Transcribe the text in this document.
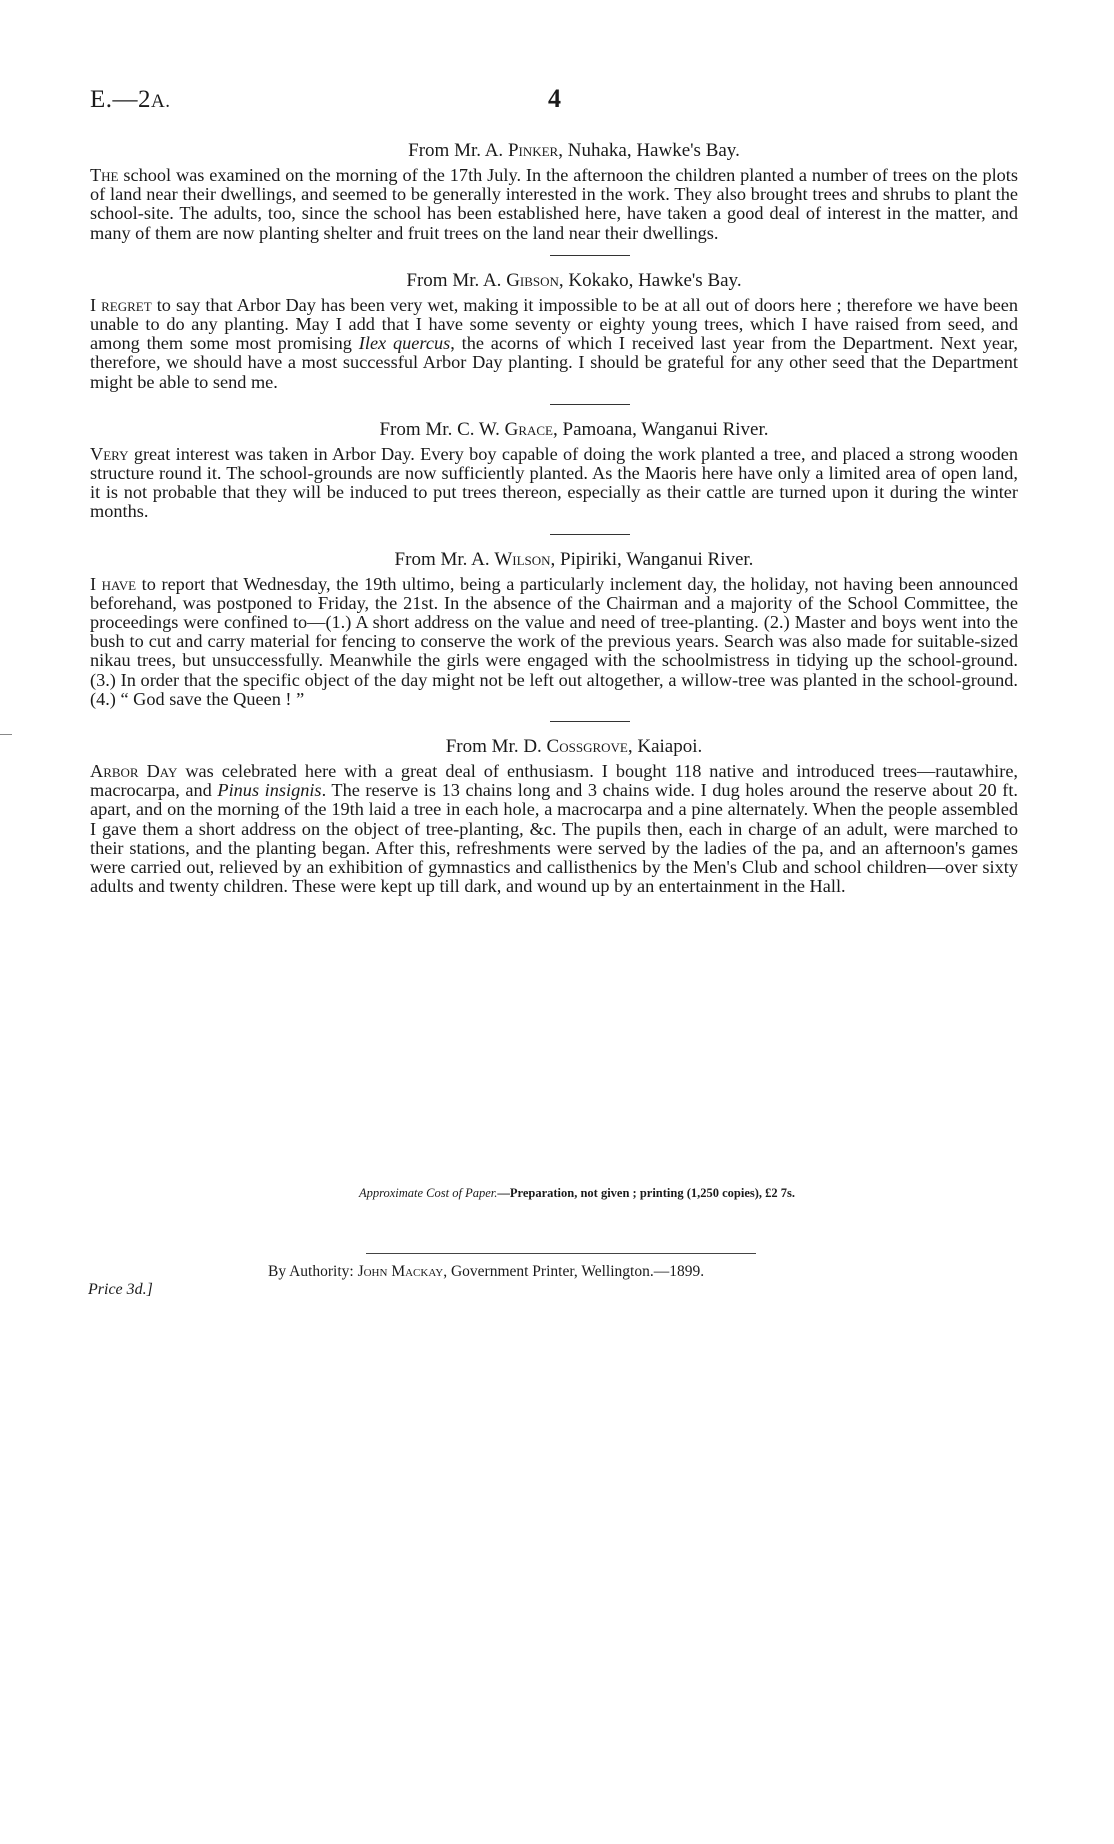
E.—2A.	4
From Mr. A. Pinker, Nuhaka, Hawke's Bay.

The school was examined on the morning of the 17th July. In the afternoon the children planted a number of trees on the plots of land near their dwellings, and seemed to be generally interested in the work. They also brought trees and shrubs to plant the school-site. The adults, too, since the school has been established here, have taken a good deal of interest in the matter, and many of them are now planting shelter and fruit trees on the land near their dwellings.

From Mr. A. Gibson, Kokako, Hawke's Bay.

I regret to say that Arbor Day has been very wet, making it impossible to be at all out of doors here ; therefore we have been unable to do any planting. May I add that I have some seventy or eighty young trees, which I have raised from seed, and among them some most promising Ilex quercus, the acorns of which I received last year from the Department. Next year, therefore, we should have a most successful Arbor Day planting. I should be grateful for any other seed that the Department might be able to send me.

From Mr. C. W. Grace, Pamoana, Wanganui River.

Very great interest was taken in Arbor Day. Every boy capable of doing the work planted a tree, and placed a strong wooden structure round it. The school-grounds are now sufficiently planted. As the Maoris here have only a limited area of open land, it is not probable that they will be induced to put trees thereon, especially as their cattle are turned upon it during the winter months.

From Mr. A. Wilson, Pipiriki, Wanganui River.

I have to report that Wednesday, the 19th ultimo, being a particularly inclement day, the holiday, not having been announced beforehand, was postponed to Friday, the 21st. In the absence of the Chairman and a majority of the School Committee, the proceedings were confined to—(1.) A short address on the value and need of tree-planting. (2.) Master and boys went into the bush to cut and carry material for fencing to conserve the work of the previous years. Search was also made for suitable-sized nikau trees, but unsuccessfully. Meanwhile the girls were engaged with the schoolmistress in tidying up the school-ground. (3.) In order that the specific object of the day might not be left out altogether, a willow-tree was planted in the school-ground. (4.) “ God save the Queen ! ”

From Mr. D. Cossgrove, Kaiapoi.

Arbor Day was celebrated here with a great deal of enthusiasm. I bought 118 native and introduced trees—rautawhire, macrocarpa, and Pinus insignis. The reserve is 13 chains long and 3 chains wide. I dug holes around the reserve about 20 ft. apart, and on the morning of the 19th laid a tree in each hole, a macrocarpa and a pine alternately. When the people assembled I gave them a short address on the object of tree-planting, &c. The pupils then, each in charge of an adult, were marched to their stations, and the planting began. After this, refreshments were served by the ladies of the pa, and an afternoon's games were carried out, relieved by an exhibition of gymnastics and callisthenics by the Men's Club and school children—over sixty adults and twenty children. These were kept up till dark, and wound up by an entertainment in the Hall.

Approximate Cost of Paper.—Preparation, not given ; printing (1,250 copies), £2 7s.
By Authority: John Mackay, Government Printer, Wellington.—1899.
Price 3d.]
